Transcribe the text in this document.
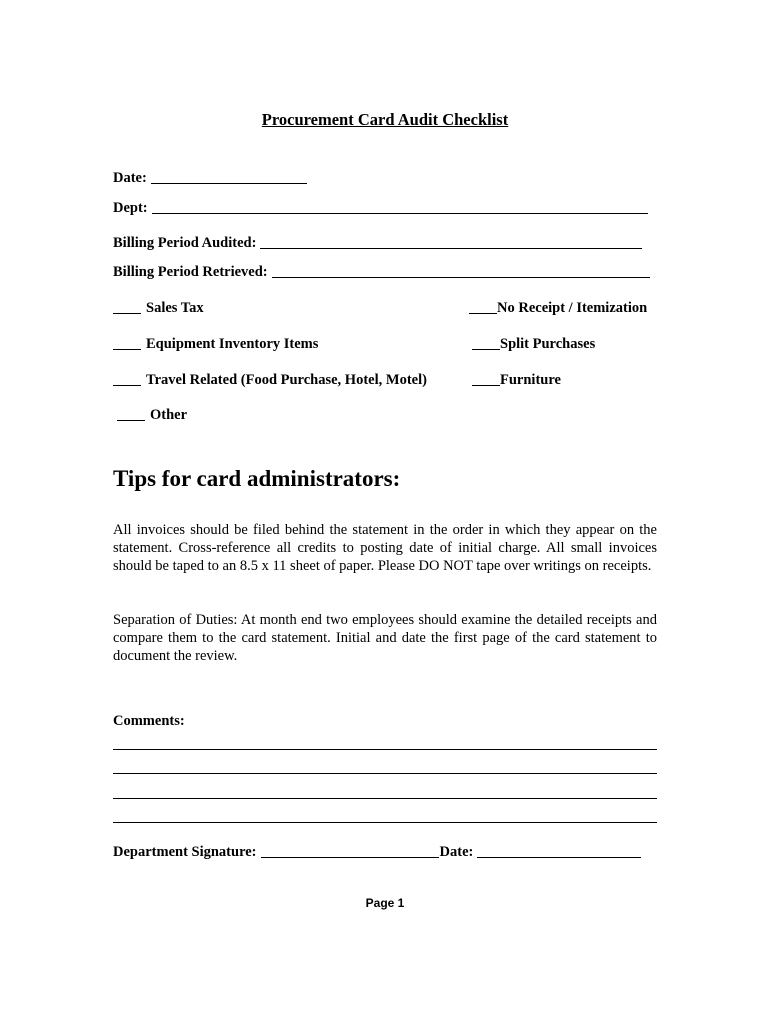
Procurement Card Audit Checklist
Date:
Dept:
Billing Period Audited:
Billing Period Retrieved:
Sales Tax	No Receipt / Itemization
Equipment Inventory Items	Split Purchases
Travel Related (Food Purchase, Hotel, Motel)	Furniture
Other
Tips for card administrators:
All invoices should be filed behind the statement in the order in which they appear on the statement. Cross-reference all credits to posting date of initial charge. All small invoices should be taped to an 8.5 x 11 sheet of paper. Please DO NOT tape over writings on receipts.
Separation of Duties: At month end two employees should examine the detailed receipts and compare them to the card statement. Initial and date the first page of the card statement to document the review.
Comments:
Department Signature:	Date:
Page 1
